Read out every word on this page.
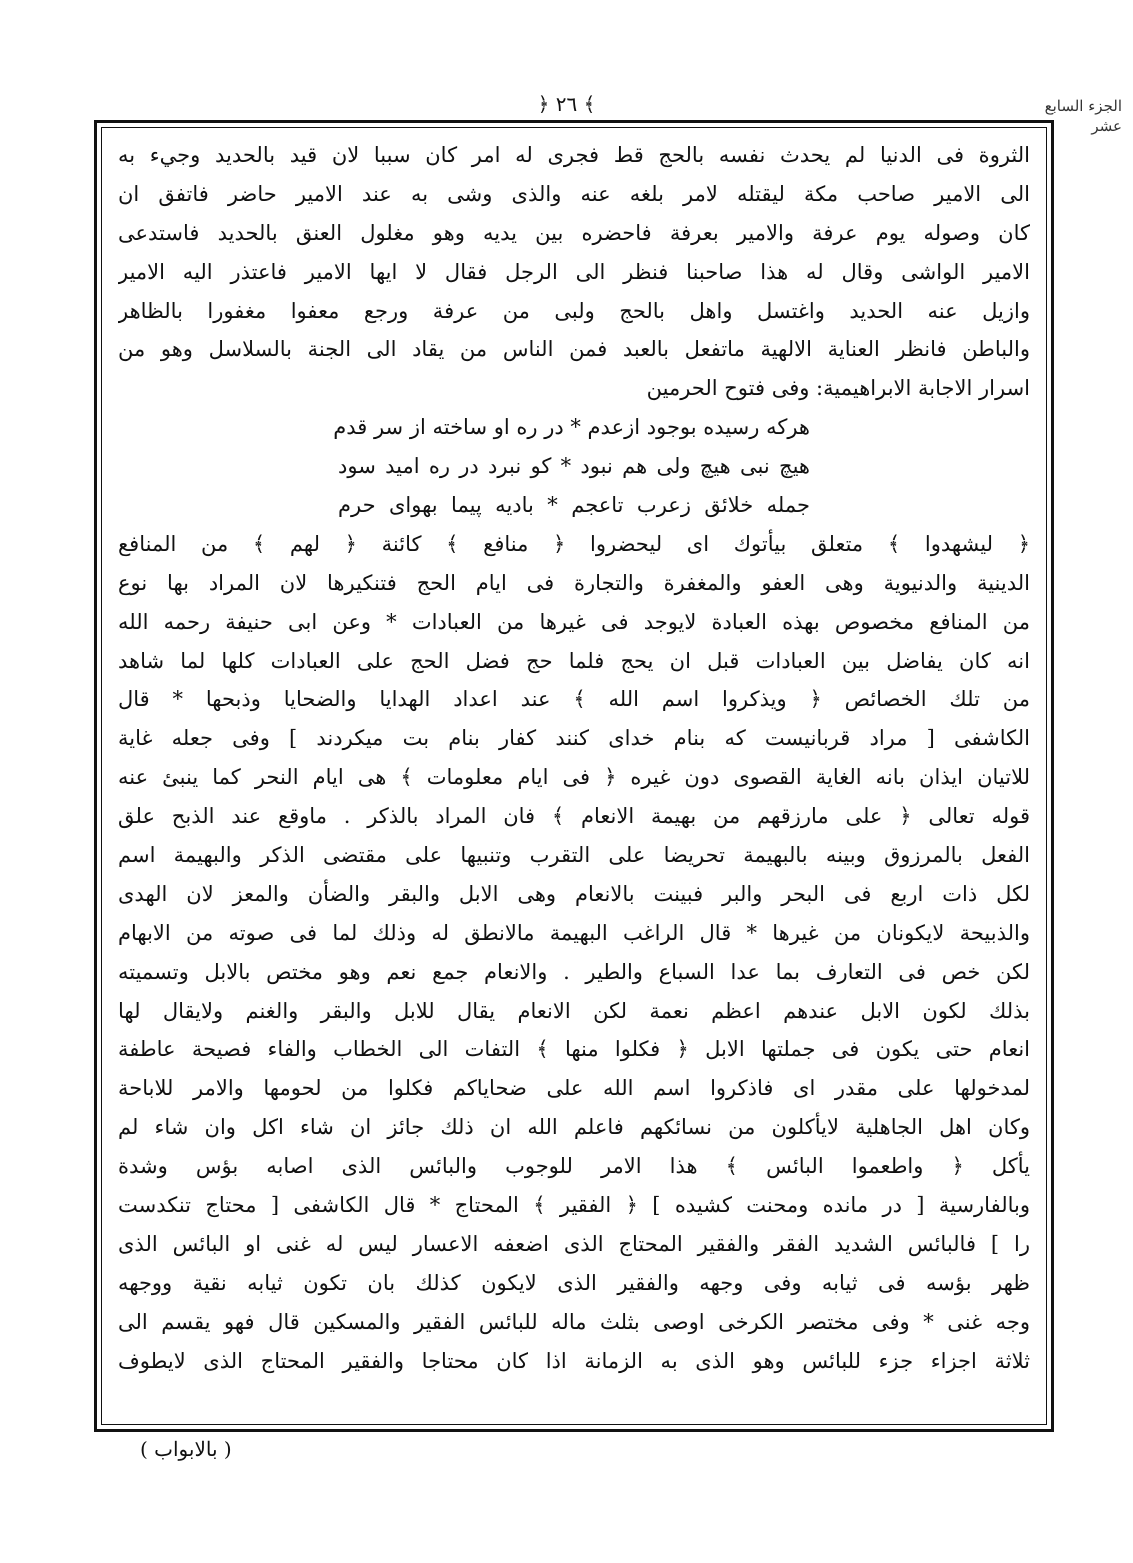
﴿ ٢٦ ﴾	الجزء السابع عشر
الثروة فى الدنيا لم يحدث نفسه بالحج قط فجرى له امر كان سببا لان قيد بالحديد وجيء به
الى الامير صاحب مكة ليقتله لامر بلغه عنه والذى وشى به عند الامير حاضر فاتفق ان
كان وصوله يوم عرفة والامير بعرفة فاحضره بين يديه وهو مغلول العنق بالحديد فاستدعى
الامير الواشى وقال له هذا صاحبنا فنظر الى الرجل فقال لا ايها الامير فاعتذر اليه الامير
وازيل عنه الحديد واغتسل واهل بالحج ولبى من عرفة ورجع معفوا مغفورا بالظاهر
والباطن فانظر العناية الالهية ماتفعل بالعبد فمن الناس من يقاد الى الجنة بالسلاسل وهو من
اسرار الاجابة الابراهيمية: وفى فتوح الحرمين
هركه رسيده بوجود ازعدم * در ره او ساخته از سر قدم
هيچ نبى هيچ ولى هم نبود * كو نبرد در ره اميد سود
جمله خلائق زعرب تاعجم * باديه پيما بهواى حرم
﴿ ليشهدوا ﴾ متعلق بيأتوك اى ليحضروا ﴿ منافع ﴾ كائنة ﴿ لهم ﴾ من المنافع
الدينية والدنيوية وهى العفو والمغفرة والتجارة فى ايام الحج فتنكيرها لان المراد بها نوع
من المنافع مخصوص بهذه العبادة لايوجد فى غيرها من العبادات * وعن ابى حنيفة رحمه الله
انه كان يفاضل بين العبادات قبل ان يحج فلما حج فضل الحج على العبادات كلها لما شاهد
من تلك الخصائص ﴿ ويذكروا اسم الله ﴾ عند اعداد الهدايا والضحايا وذبحها * قال
الكاشفى [ مراد قربانيست كه بنام خداى كنند كفار بنام بت ميكردند ] وفى جعله غاية
للاتيان ايذان بانه الغاية القصوى دون غيره ﴿ فى ايام معلومات ﴾ هى ايام النحر كما ينبئ عنه
قوله تعالى ﴿ على مارزقهم من بهيمة الانعام ﴾ فان المراد بالذكر . ماوقع عند الذبح علق
الفعل بالمرزوق وبينه بالبهيمة تحريضا على التقرب وتنبيها على مقتضى الذكر والبهيمة اسم
لكل ذات اربع فى البحر والبر فبينت بالانعام وهى الابل والبقر والضأن والمعز لان الهدى
والذبيحة لايكونان من غيرها * قال الراغب البهيمة مالانطق له وذلك لما فى صوته من الابهام
لكن خص فى التعارف بما عدا السباع والطير . والانعام جمع نعم وهو مختص بالابل وتسميته
بذلك لكون الابل عندهم اعظم نعمة لكن الانعام يقال للابل والبقر والغنم ولايقال لها
انعام حتى يكون فى جملتها الابل ﴿ فكلوا منها ﴾ التفات الى الخطاب والفاء فصيحة عاطفة
لمدخولها على مقدر اى فاذكروا اسم الله على ضحاياكم فكلوا من لحومها والامر للاباحة
وكان اهل الجاهلية لايأكلون من نسائكهم فاعلم الله ان ذلك جائز ان شاء اكل وان شاء لم
يأكل ﴿ واطعموا البائس ﴾ هذا الامر للوجوب والبائس الذى اصابه بؤس وشدة
وبالفارسية [ در مانده ومحنت كشيده ] ﴿ الفقير ﴾ المحتاج * قال الكاشفى [ محتاج تنكدست
را ] فالبائس الشديد الفقر والفقير المحتاج الذى اضعفه الاعسار ليس له غنى او البائس الذى
ظهر بؤسه فى ثيابه وفى وجهه والفقير الذى لايكون كذلك بان تكون ثيابه نقية ووجهه
وجه غنى * وفى مختصر الكرخى اوصى بثلث ماله للبائس الفقير والمسكين قال فهو يقسم الى
ثلاثة اجزاء جزء للبائس وهو الذى به الزمانة اذا كان محتاجا والفقير المحتاج الذى لايطوف
( بالابواب )
